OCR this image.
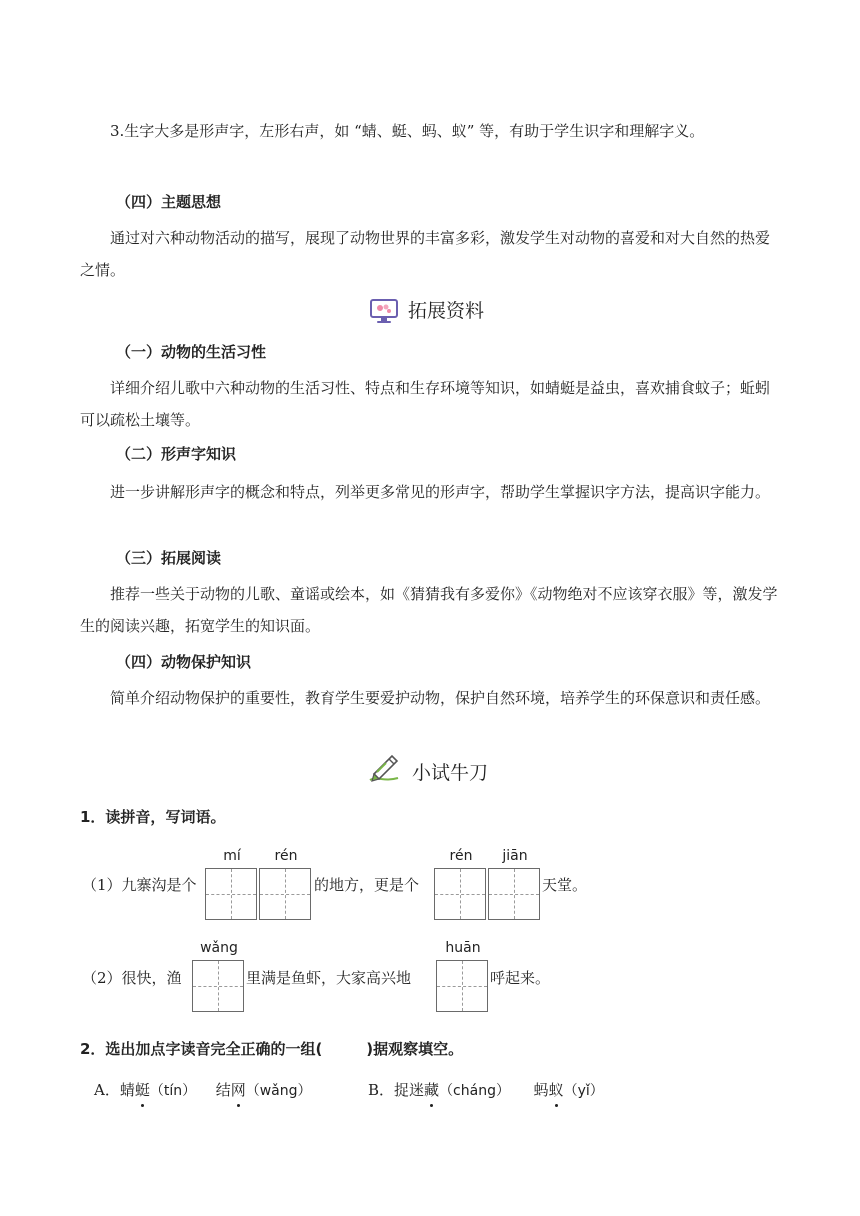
3.生字大多是形声字，左形右声，如 “蜻、蜓、蚂、蚁” 等，有助于学生识字和理解字义。

（四）主题思想

通过对六种动物活动的描写，展现了动物世界的丰富多彩，激发学生对动物的喜爱和对大自然的热爱之情。

拓展资料
（一）动物的生活习性

详细介绍儿歌中六种动物的生活习性、特点和生存环境等知识，如蜻蜓是益虫，喜欢捕食蚊子；蚯蚓可以疏松土壤等。

（二）形声字知识

进一步讲解形声字的概念和特点，列举更多常见的形声字，帮助学生掌握识字方法，提高识字能力。

（三）拓展阅读

推荐一些关于动物的儿歌、童谣或绘本，如《猜猜我有多爱你》《动物绝对不应该穿衣服》等，激发学生的阅读兴趣，拓宽学生的知识面。

（四）动物保护知识

简单介绍动物保护的重要性，教育学生要爱护动物，保护自然环境，培养学生的环保意识和责任感。

小试牛刀
1．读拼音，写词语。
mí	rén	rén	jiān
（1）九寨沟是个	的地方，更是个	天堂。
wǎng	huān
（2）很快，渔	里满是鱼虾，大家高兴地	呼起来。
2．选出加点字读音完全正确的一组(	)据观察填空。
A．蜻蜓（tín） 结网（wǎng）	B．捉迷藏（cháng） 蚂蚁（yǐ）
